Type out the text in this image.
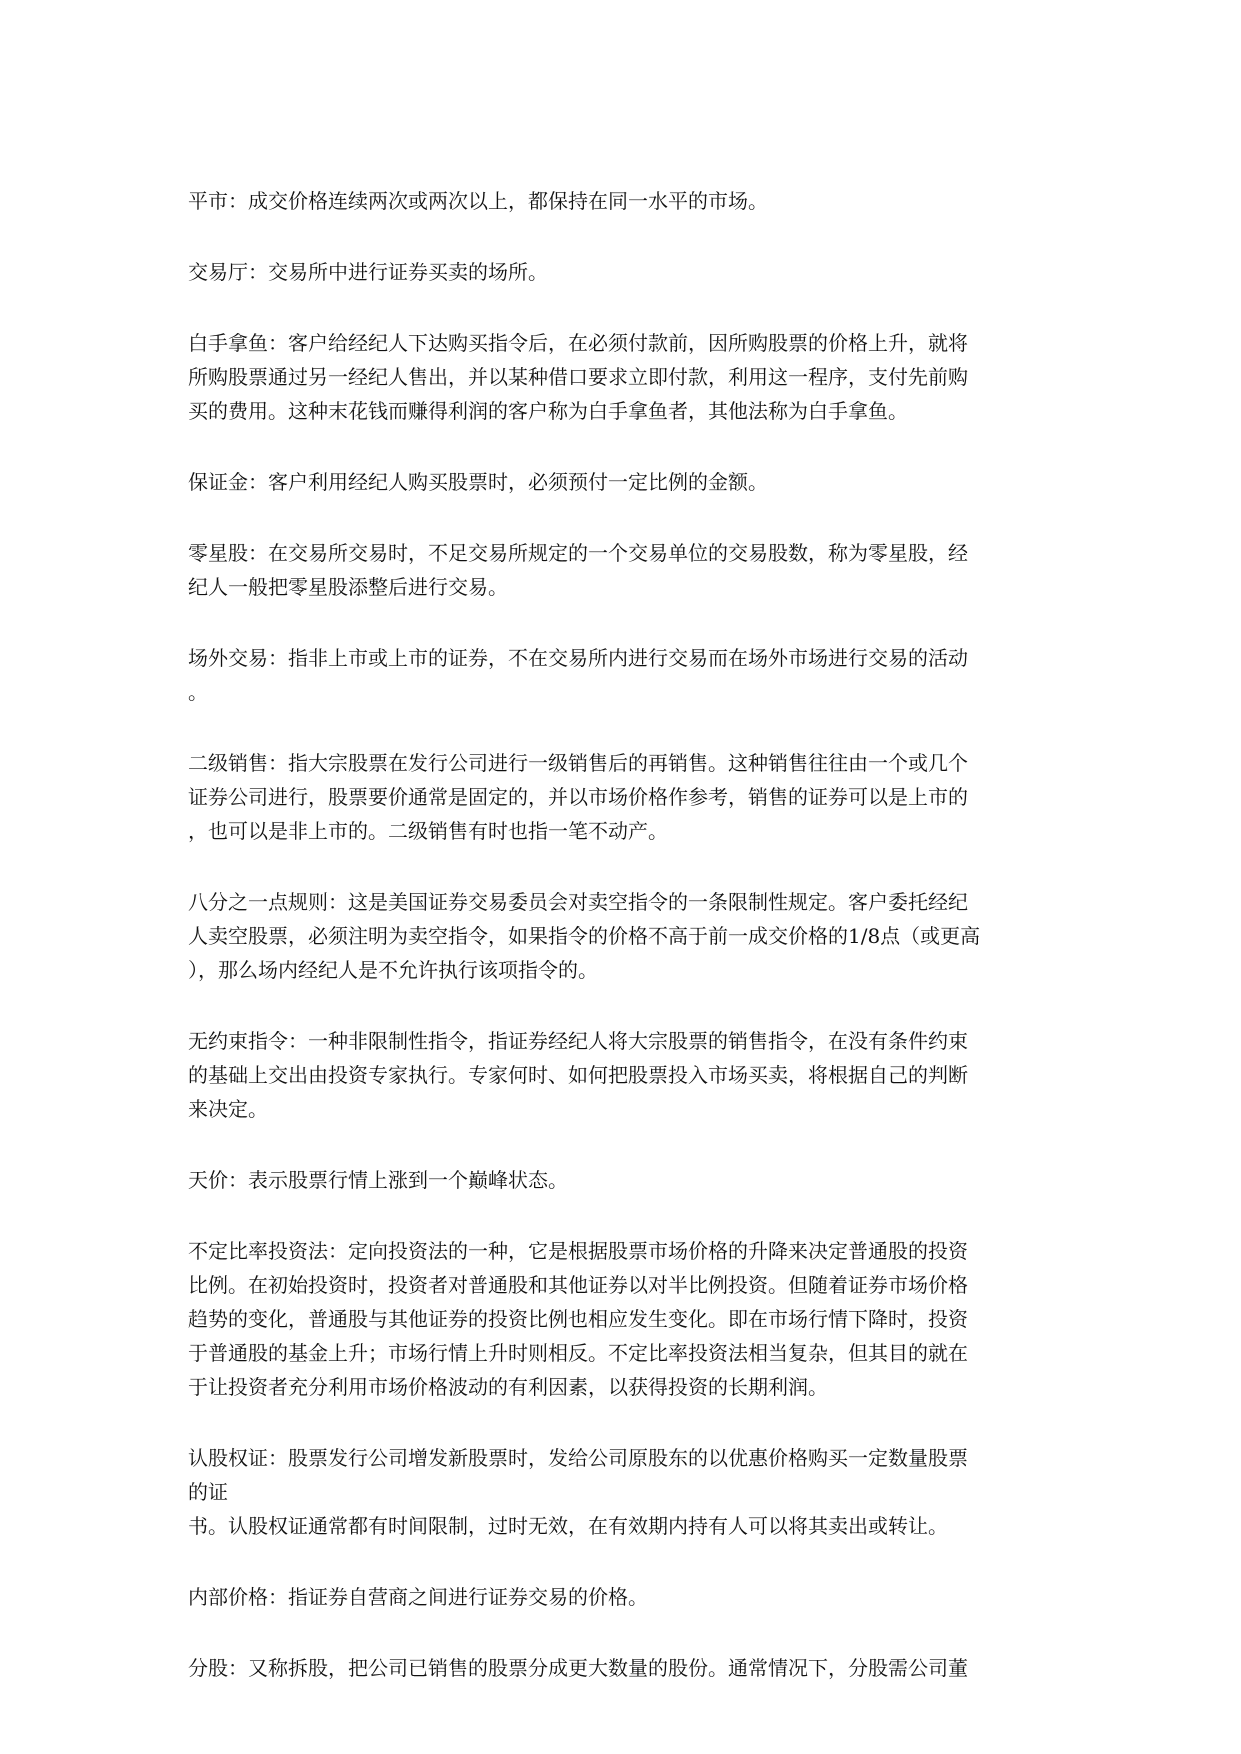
平市：成交价格连续两次或两次以上，都保持在同一水平的市场。
交易厅：交易所中进行证券买卖的场所。
白手拿鱼：客户给经纪人下达购买指令后，在必须付款前，因所购股票的价格上升，就将
所购股票通过另一经纪人售出，并以某种借口要求立即付款，利用这一程序，支付先前购
买的费用。这种末花钱而赚得利润的客户称为白手拿鱼者，其他法称为白手拿鱼。
保证金：客户利用经纪人购买股票时，必须预付一定比例的金额。
零星股：在交易所交易时，不足交易所规定的一个交易单位的交易股数，称为零星股，经
纪人一般把零星股添整后进行交易。
场外交易：指非上市或上市的证券，不在交易所内进行交易而在场外市场进行交易的活动
。
二级销售：指大宗股票在发行公司进行一级销售后的再销售。这种销售往往由一个或几个
证券公司进行，股票要价通常是固定的，并以市场价格作参考，销售的证券可以是上市的
，也可以是非上市的。二级销售有时也指一笔不动产。
八分之一点规则：这是美国证券交易委员会对卖空指令的一条限制性规定。客户委托经纪
人卖空股票，必须注明为卖空指令，如果指令的价格不高于前一成交价格的1/8点（或更高
），那么场内经纪人是不允许执行该项指令的。
无约束指令：一种非限制性指令，指证券经纪人将大宗股票的销售指令，在没有条件约束
的基础上交出由投资专家执行。专家何时、如何把股票投入市场买卖，将根据自己的判断
来决定。
天价：表示股票行情上涨到一个巅峰状态。
不定比率投资法：定向投资法的一种，它是根据股票市场价格的升降来决定普通股的投资
比例。在初始投资时，投资者对普通股和其他证券以对半比例投资。但随着证券市场价格
趋势的变化，普通股与其他证券的投资比例也相应发生变化。即在市场行情下降时，投资
于普通股的基金上升；市场行情上升时则相反。不定比率投资法相当复杂，但其目的就在
于让投资者充分利用市场价格波动的有利因素，以获得投资的长期利润。
认股权证：股票发行公司增发新股票时，发给公司原股东的以优惠价格购买一定数量股票
的证
书。认股权证通常都有时间限制，过时无效，在有效期内持有人可以将其卖出或转让。
内部价格：指证券自营商之间进行证券交易的价格。
分股：又称拆股，把公司已销售的股票分成更大数量的股份。通常情况下，分股需公司董
